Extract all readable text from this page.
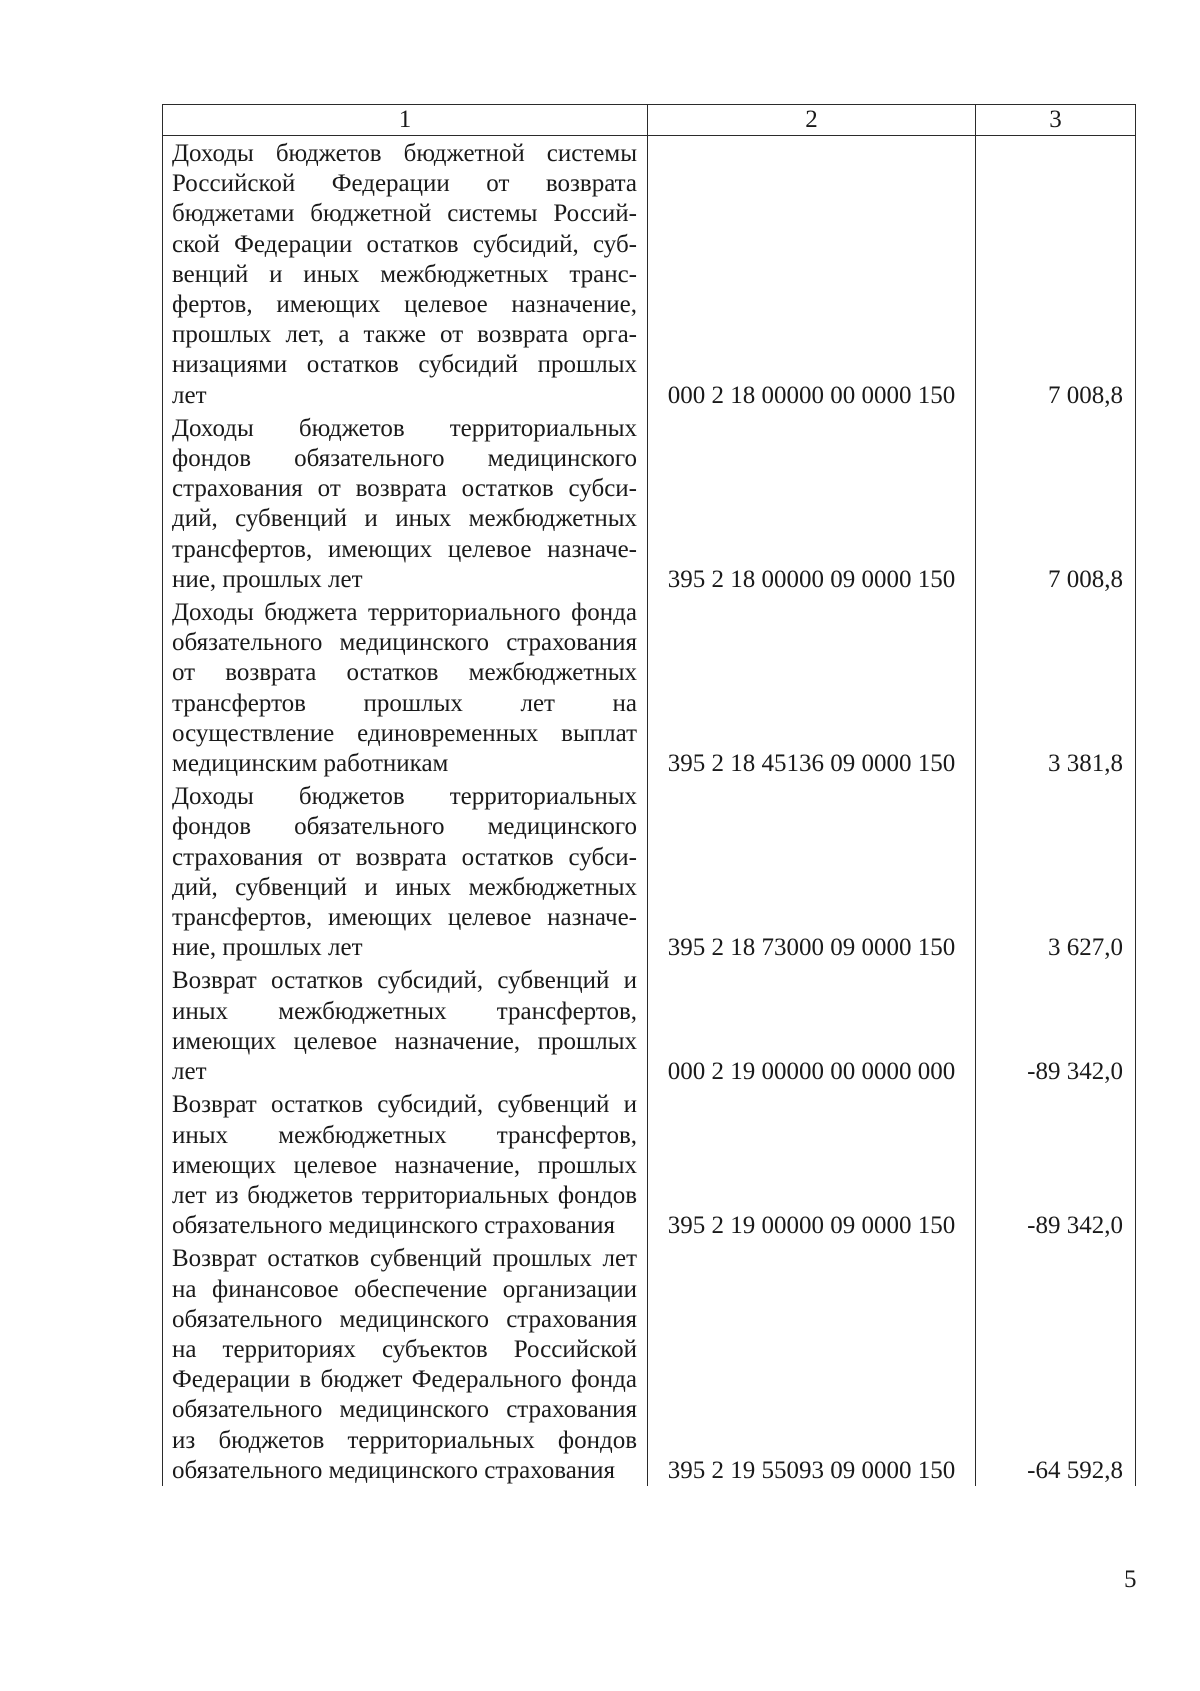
1	2	3
Доходы бюджетов бюджетной системы Российской Федерации от возврата бюджетами бюджетной системы Российской Федерации остатков субсидий, субвенций и иных межбюджетных трансфертов, имеющих целевое назначение, прошлых лет, а также от возврата организациями остатков субсидий прошлых лет	000 2 18 00000 00 0000 150	7 008,8
Доходы бюджетов территориальных фондов обязательного медицинского страхования от возврата остатков субсидий, субвенций и иных межбюджетных трансфертов, имеющих целевое назначение, прошлых лет	395 2 18 00000 09 0000 150	7 008,8
Доходы бюджета территориального фонда обязательного медицинского страхования от возврата остатков межбюджетных трансфертов прошлых лет на осуществление единовременных выплат медицинским работникам	395 2 18 45136 09 0000 150	3 381,8
Доходы бюджетов территориальных фондов обязательного медицинского страхования от возврата остатков субсидий, субвенций и иных межбюджетных трансфертов, имеющих целевое назначение, прошлых лет	395 2 18 73000 09 0000 150	3 627,0
Возврат остатков субсидий, субвенций и иных межбюджетных трансфертов, имеющих целевое назначение, прошлых лет	000 2 19 00000 00 0000 000	-89 342,0
Возврат остатков субсидий, субвенций и иных межбюджетных трансфертов, имеющих целевое назначение, прошлых лет из бюджетов территориальных фондов обязательного медицинского страхования	395 2 19 00000 09 0000 150	-89 342,0
Возврат остатков субвенций прошлых лет на финансовое обеспечение организации обязательного медицинского страхования на территориях субъектов Российской Федерации в бюджет Федерального фонда обязательного медицинского страхования из бюджетов территориальных фондов обязательного медицинского страхования	395 2 19 55093 09 0000 150	-64 592,8
5
